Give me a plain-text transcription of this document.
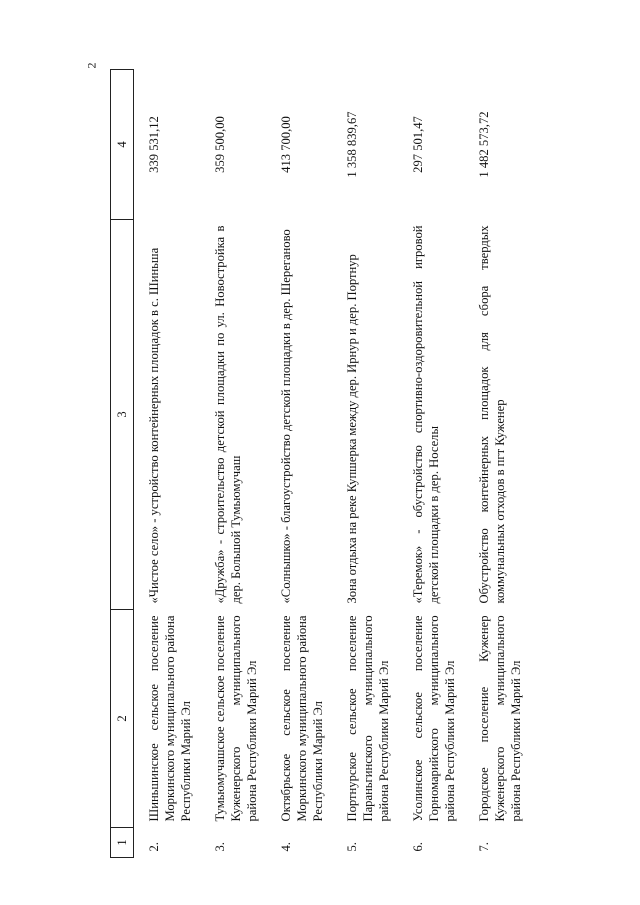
2
1	2	3	4
2.	Шиньшинское сельское поселение Моркинского муниципального района Республики Марий Эл	«Чистое село» - устройство контейнерных площадок в с. Шиньша	339 531,12
3.	Тумьюмучашское сельское поселение Куженерского муниципального района Республики Марий Эл	«Дружба» - строительство детской площадки по ул. Новостройка в дер. Большой Тумьюмучаш	359 500,00
4.	Октябрьское сельское поселение Моркинского муниципального района Республики Марий Эл	«Солнышко» - благоустройство детской площадки в дер. Шереганово	413 700,00
5.	Портнурское сельское поселение Параньгинского муниципального района Республики Марий Эл	Зона отдыха на реке Купшерка между дер. Ирнур и дер. Портнур	1 358 839,67
6.	Усолинское сельское поселение Горномарийского муниципального района Республики Марий Эл	«Теремок» - обустройство спортивно-оздоровительной игровой детской площадки в дер. Носелы	297 501,47
7.	Городское поселение Куженер Куженерского муниципального района Республики Марий Эл	Обустройство контейнерных площадок для сбора твердых коммунальных отходов в пгт Куженер	1 482 573,72
